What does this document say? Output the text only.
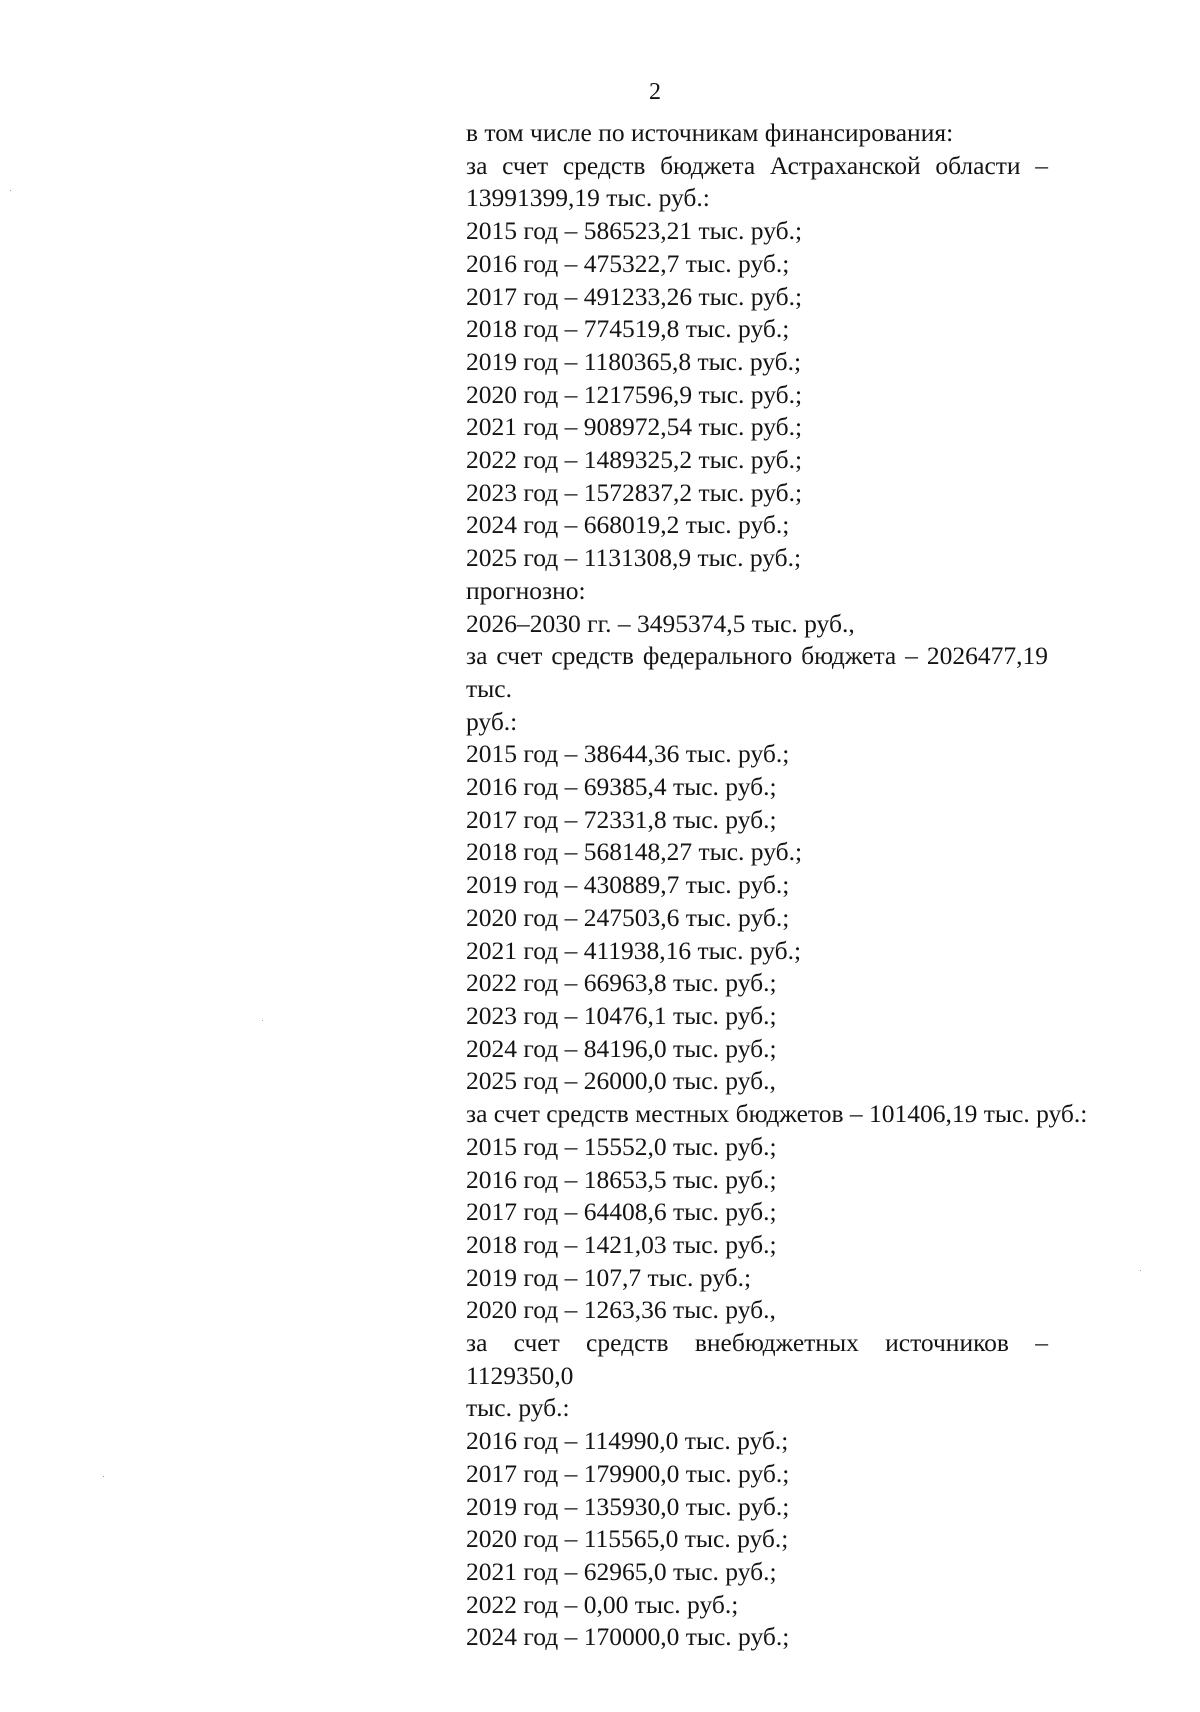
2

в том числе по источникам финансирования:

за счет средств бюджета Астраханской области –

13991399,19 тыс. руб.:

2015 год – 586523,21 тыс. руб.;

2016 год – 475322,7 тыс. руб.;

2017 год – 491233,26 тыс. руб.;

2018 год – 774519,8 тыс. руб.;

2019 год – 1180365,8 тыс. руб.;

2020 год – 1217596,9 тыс. руб.;

2021 год – 908972,54 тыс. руб.;

2022 год – 1489325,2 тыс. руб.;

2023 год – 1572837,2 тыс. руб.;

2024 год – 668019,2 тыс. руб.;

2025 год – 1131308,9 тыс. руб.;

прогнозно:

2026–2030 гг. – 3495374,5 тыс. руб.,

за счет средств федерального бюджета – 2026477,19 тыс.

руб.:

2015 год – 38644,36 тыс. руб.;

2016 год – 69385,4 тыс. руб.;

2017 год – 72331,8 тыс. руб.;

2018 год – 568148,27 тыс. руб.;

2019 год – 430889,7 тыс. руб.;

2020 год – 247503,6 тыс. руб.;

2021 год – 411938,16 тыс. руб.;

2022 год – 66963,8 тыс. руб.;

2023 год – 10476,1 тыс. руб.;

2024 год – 84196,0 тыс. руб.;

2025 год – 26000,0 тыс. руб.,

за счет средств местных бюджетов – 101406,19 тыс. руб.:

2015 год – 15552,0 тыс. руб.;

2016 год – 18653,5 тыс. руб.;

2017 год – 64408,6 тыс. руб.;

2018 год – 1421,03 тыс. руб.;

2019 год – 107,7 тыс. руб.;

2020 год – 1263,36 тыс. руб.,

за счет средств внебюджетных источников – 1129350,0

тыс. руб.:

2016 год – 114990,0 тыс. руб.;

2017 год – 179900,0 тыс. руб.;

2019 год – 135930,0 тыс. руб.;

2020 год – 115565,0 тыс. руб.;

2021 год – 62965,0 тыс. руб.;

2022 год – 0,00 тыс. руб.;

2024 год – 170000,0 тыс. руб.;
